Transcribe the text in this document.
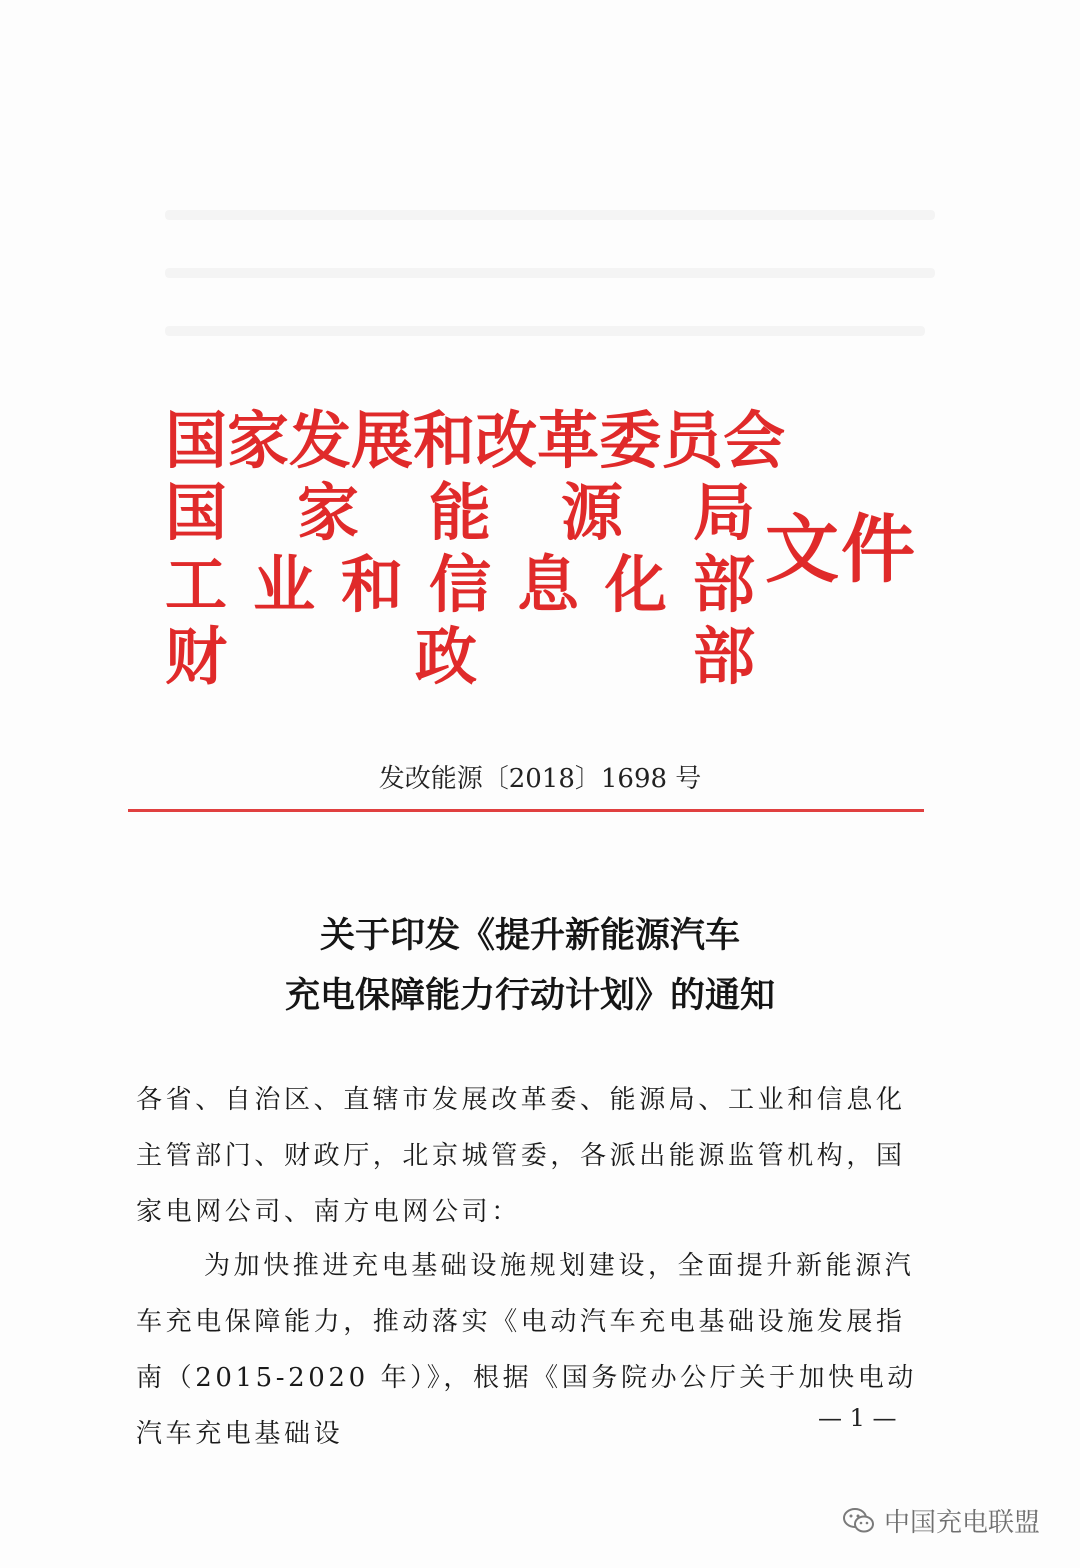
国 家 发 展 和 改 革 委 员 会
国 家 能 源 局
工 业 和 信 息 化 部
财	政	部
文件
发改能源〔2018〕1698 号
关于印发《提升新能源汽车
充电保障能力行动计划》的通知
各省、自治区、直辖市发展改革委、能源局、工业和信息化主管部门、财政厅，北京城管委，各派出能源监管机构，国家电网公司、南方电网公司：
为加快推进充电基础设施规划建设，全面提升新能源汽车充电保障能力，推动落实《电动汽车充电基础设施发展指南（2015-2020 年）》，根据《国务院办公厅关于加快电动汽车充电基础设
— 1 —
中国充电联盟
